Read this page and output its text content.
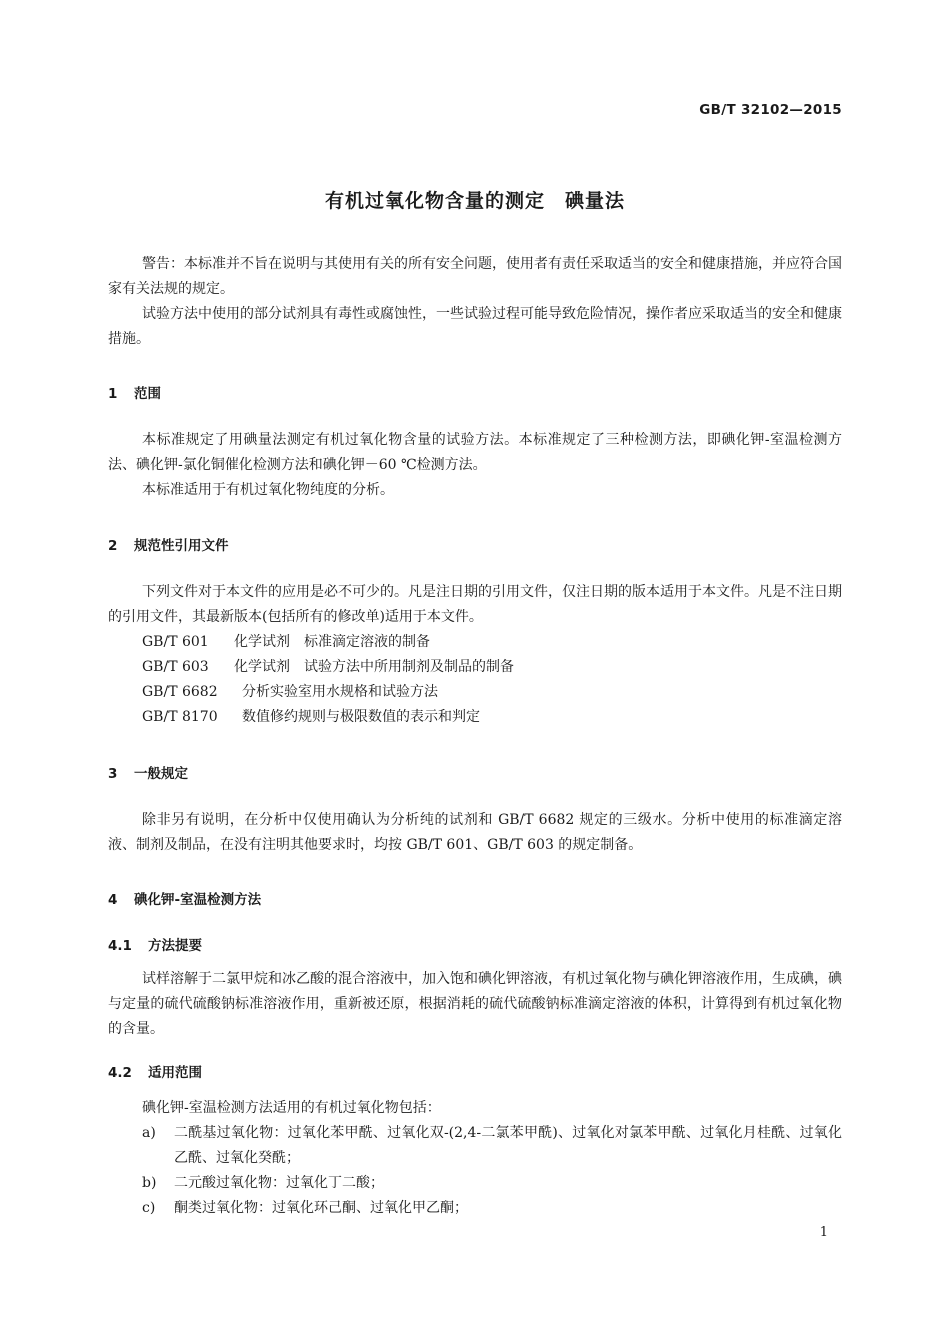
GB/T 32102—2015
有机过氧化物含量的测定　碘量法

警告：本标准并不旨在说明与其使用有关的所有安全问题，使用者有责任采取适当的安全和健康措施，并应符合国家有关法规的规定。

试验方法中使用的部分试剂具有毒性或腐蚀性，一些试验过程可能导致危险情况，操作者应采取适当的安全和健康措施。

1 范围

本标准规定了用碘量法测定有机过氧化物含量的试验方法。本标准规定了三种检测方法，即碘化钾-室温检测方法、碘化钾-氯化铜催化检测方法和碘化钾－60 ℃检测方法。

本标准适用于有机过氧化物纯度的分析。

2 规范性引用文件

下列文件对于本文件的应用是必不可少的。凡是注日期的引用文件，仅注日期的版本适用于本文件。凡是不注日期的引用文件，其最新版本(包括所有的修改单)适用于本文件。

GB/T 601 化学试剂　标准滴定溶液的制备
GB/T 603 化学试剂　试验方法中所用制剂及制品的制备
GB/T 6682 分析实验室用水规格和试验方法
GB/T 8170 数值修约规则与极限数值的表示和判定
3 一般规定

除非另有说明，在分析中仅使用确认为分析纯的试剂和 GB/T 6682 规定的三级水。分析中使用的标准滴定溶液、制剂及制品，在没有注明其他要求时，均按 GB/T 601、GB/T 603 的规定制备。

4 碘化钾-室温检测方法
4.1 方法提要

试样溶解于二氯甲烷和冰乙酸的混合溶液中，加入饱和碘化钾溶液，有机过氧化物与碘化钾溶液作用，生成碘，碘与定量的硫代硫酸钠标准溶液作用，重新被还原，根据消耗的硫代硫酸钠标准滴定溶液的体积，计算得到有机过氧化物的含量。

4.2 适用范围
碘化钾-室温检测方法适用的有机过氧化物包括：
a) 二酰基过氧化物：过氧化苯甲酰、过氧化双-(2,4-二氯苯甲酰)、过氧化对氯苯甲酰、过氧化月桂酰、过氧化乙酰、过氧化癸酰；
b) 二元酸过氧化物：过氧化丁二酸；
c) 酮类过氧化物：过氧化环己酮、过氧化甲乙酮；
1
